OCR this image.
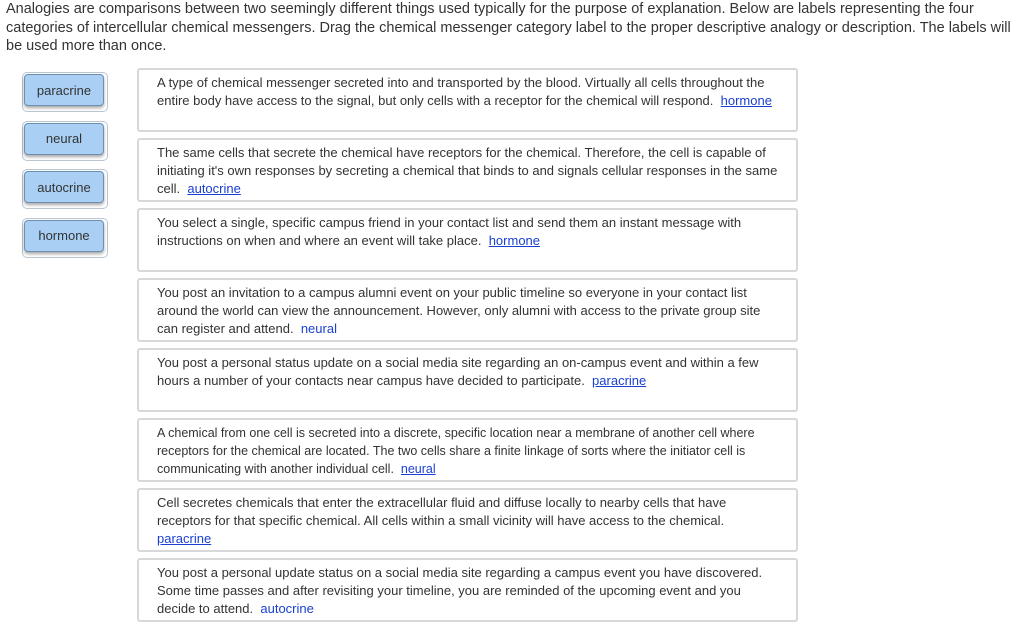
Analogies are comparisons between two seemingly different things used typically for the purpose of explanation. Below are labels representing the four categories of intercellular chemical messengers. Drag the chemical messenger category label to the proper descriptive analogy or description. The labels will be used more than once.
paracrine
neural
autocrine
hormone
A type of chemical messenger secreted into and transported by the blood. Virtually all cells throughout the entire body have access to the signal, but only cells with a receptor for the chemical will respond. hormone
The same cells that secrete the chemical have receptors for the chemical. Therefore, the cell is capable of initiating it's own responses by secreting a chemical that binds to and signals cellular responses in the same cell. autocrine
You select a single, specific campus friend in your contact list and send them an instant message with instructions on when and where an event will take place. hormone
You post an invitation to a campus alumni event on your public timeline so everyone in your contact list around the world can view the announcement. However, only alumni with access to the private group site can register and attend. neural
You post a personal status update on a social media site regarding an on-campus event and within a few hours a number of your contacts near campus have decided to participate. paracrine
A chemical from one cell is secreted into a discrete, specific location near a membrane of another cell where receptors for the chemical are located. The two cells share a finite linkage of sorts where the initiator cell is communicating with another individual cell. neural
Cell secretes chemicals that enter the extracellular fluid and diffuse locally to nearby cells that have receptors for that specific chemical. All cells within a small vicinity will have access to the chemical.  paracrine
You post a personal update status on a social media site regarding a campus event you have discovered. Some time passes and after revisiting your timeline, you are reminded of the upcoming event and you decide to attend. autocrine
